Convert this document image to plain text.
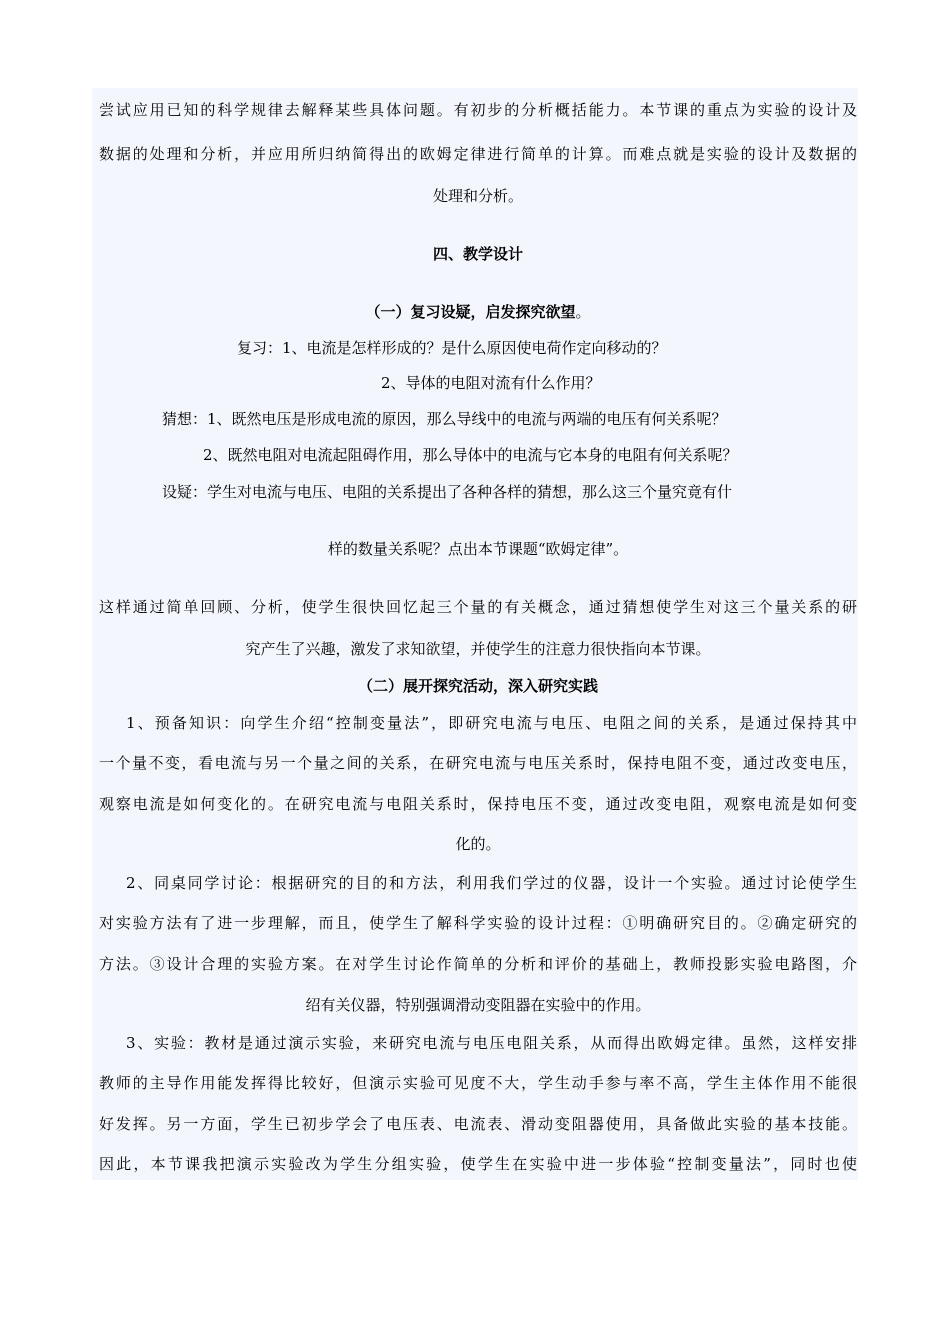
尝试应用已知的科学规律去解释某些具体问题。有初步的分析概括能力。本节课的重点为实验的设计及
数据的处理和分析，并应用所归纳简得出的欧姆定律进行简单的计算。而难点就是实验的设计及数据的
处理和分析。
四、教学设计
（一）复习设疑，启发探究欲望。
复习：1、电流是怎样形成的？是什么原因使电荷作定向移动的？
2、导体的电阻对流有什么作用？
猜想：1、既然电压是形成电流的原因，那么导线中的电流与两端的电压有何关系呢？
2、既然电阻对电流起阻碍作用，那么导体中的电流与它本身的电阻有何关系呢？
设疑：学生对电流与电压、电阻的关系提出了各种各样的猜想，那么这三个量究竟有什
样的数量关系呢？点出本节课题“欧姆定律”。
这样通过简单回顾、分析，使学生很快回忆起三个量的有关概念，通过猜想使学生对这三个量关系的研
究产生了兴趣，激发了求知欲望，并使学生的注意力很快指向本节课。
（二）展开探究活动，深入研究实践
1、预备知识：向学生介绍“控制变量法”，即研究电流与电压、电阻之间的关系，是通过保持其中
一个量不变，看电流与另一个量之间的关系，在研究电流与电压关系时，保持电阻不变，通过改变电压，
观察电流是如何变化的。在研究电流与电阻关系时，保持电压不变，通过改变电阻，观察电流是如何变
化的。
2、同桌同学讨论：根据研究的目的和方法，利用我们学过的仪器，设计一个实验。通过讨论使学生
对实验方法有了进一步理解，而且，使学生了解科学实验的设计过程：①明确研究目的。②确定研究的
方法。③设计合理的实验方案。在对学生讨论作简单的分析和评价的基础上，教师投影实验电路图，介
绍有关仪器，特别强调滑动变阻器在实验中的作用。
3、实验：教材是通过演示实验，来研究电流与电压电阻关系，从而得出欧姆定律。虽然，这样安排
教师的主导作用能发挥得比较好，但演示实验可见度不大，学生动手参与率不高，学生主体作用不能很
好发挥。另一方面，学生已初步学会了电压表、电流表、滑动变阻器使用，具备做此实验的基本技能。
因此，本节课我把演示实验改为学生分组实验，使学生在实验中进一步体验“控制变量法”，同时也使
